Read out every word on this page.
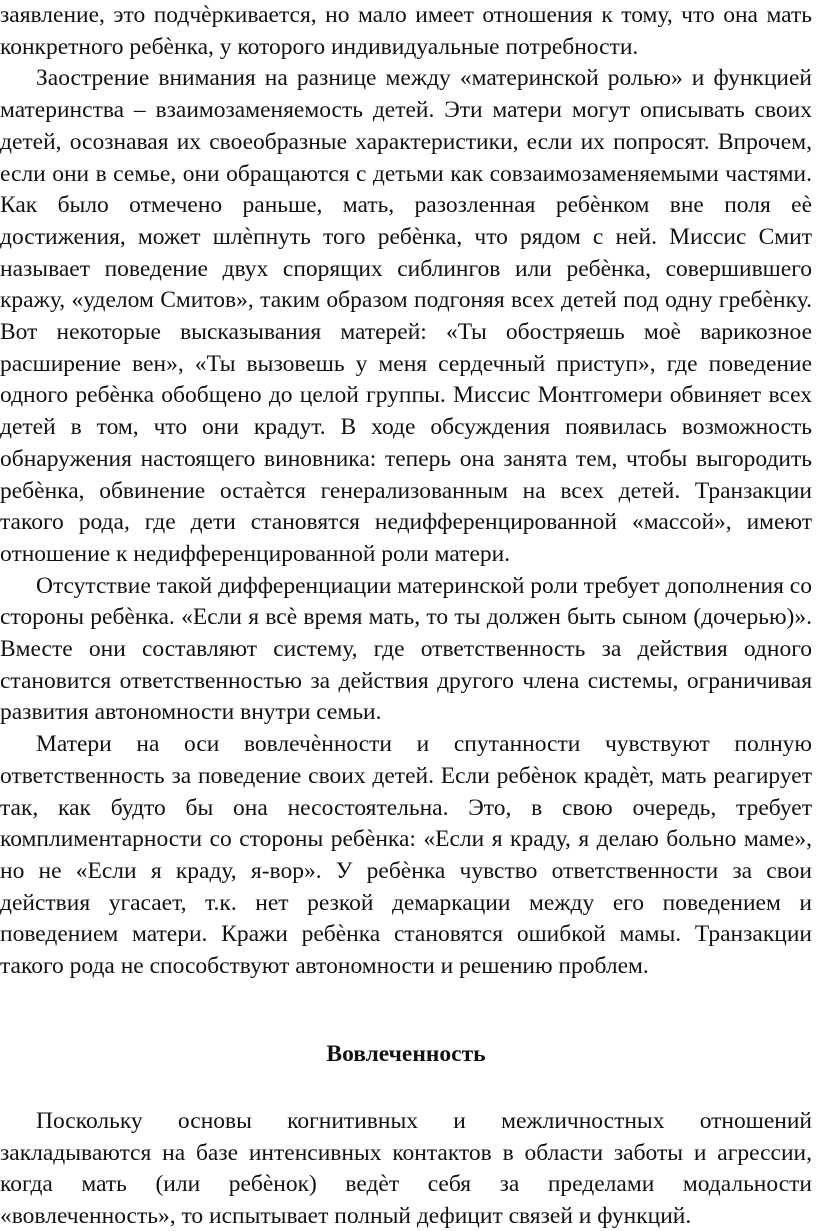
заявление, это подчѐркивается, но мало имеет отношения к тому, что она мать конкретного ребѐнка, у которого индивидуальные потребности.

Заострение внимания на разнице между «материнской ролью» и функцией материнства – взаимозаменяемость детей. Эти матери могут описывать своих детей, осознавая их своеобразные характеристики, если их попросят. Впрочем, если они в семье, они обращаются с детьми как совзаимозаменяемыми частями. Как было отмечено раньше, мать, разозленная ребѐнком вне поля еѐ достижения, может шлѐпнуть того ребѐнка, что рядом с ней. Миссис Смит называет поведение двух спорящих сиблингов или ребѐнка, совершившего кражу, «уделом Смитов», таким образом подгоняя всех детей под одну гребѐнку. Вот некоторые высказывания матерей: «Ты обостряешь моѐ варикозное расширение вен», «Ты вызовешь у меня сердечный приступ», где поведение одного ребѐнка обобщено до целой группы. Миссис Монтгомери обвиняет всех детей в том, что они крадут. В ходе обсуждения появилась возможность обнаружения настоящего виновника: теперь она занята тем, чтобы выгородить ребѐнка, обвинение остаѐтся генерализованным на всех детей. Транзакции такого рода, где дети становятся недифференцированной «массой», имеют отношение к недифференцированной роли матери.

Отсутствие такой дифференциации материнской роли требует дополнения со стороны ребѐнка. «Если я всѐ время мать, то ты должен быть сыном (дочерью)». Вместе они составляют систему, где ответственность за действия одного становится ответственностью за действия другого члена системы, ограничивая развития автономности внутри семьи.

Матери на оси вовлечѐнности и спутанности чувствуют полную ответственность за поведение своих детей. Если ребѐнок крадѐт, мать реагирует так, как будто бы она несостоятельна. Это, в свою очередь, требует комплиментарности со стороны ребѐнка: «Если я краду, я делаю больно маме», но не «Если я краду, я-вор». У ребѐнка чувство ответственности за свои действия угасает, т.к. нет резкой демаркации между его поведением и поведением матери. Кражи ребѐнка становятся ошибкой мамы. Транзакции такого рода не способствуют автономности и решению проблем.

Вовлеченность

Поскольку основы когнитивных и межличностных отношений закладываются на базе интенсивных контактов в области заботы и агрессии, когда мать (или ребѐнок) ведѐт себя за пределами модальности «вовлеченность», то испытывает полный дефицит связей и функций.
